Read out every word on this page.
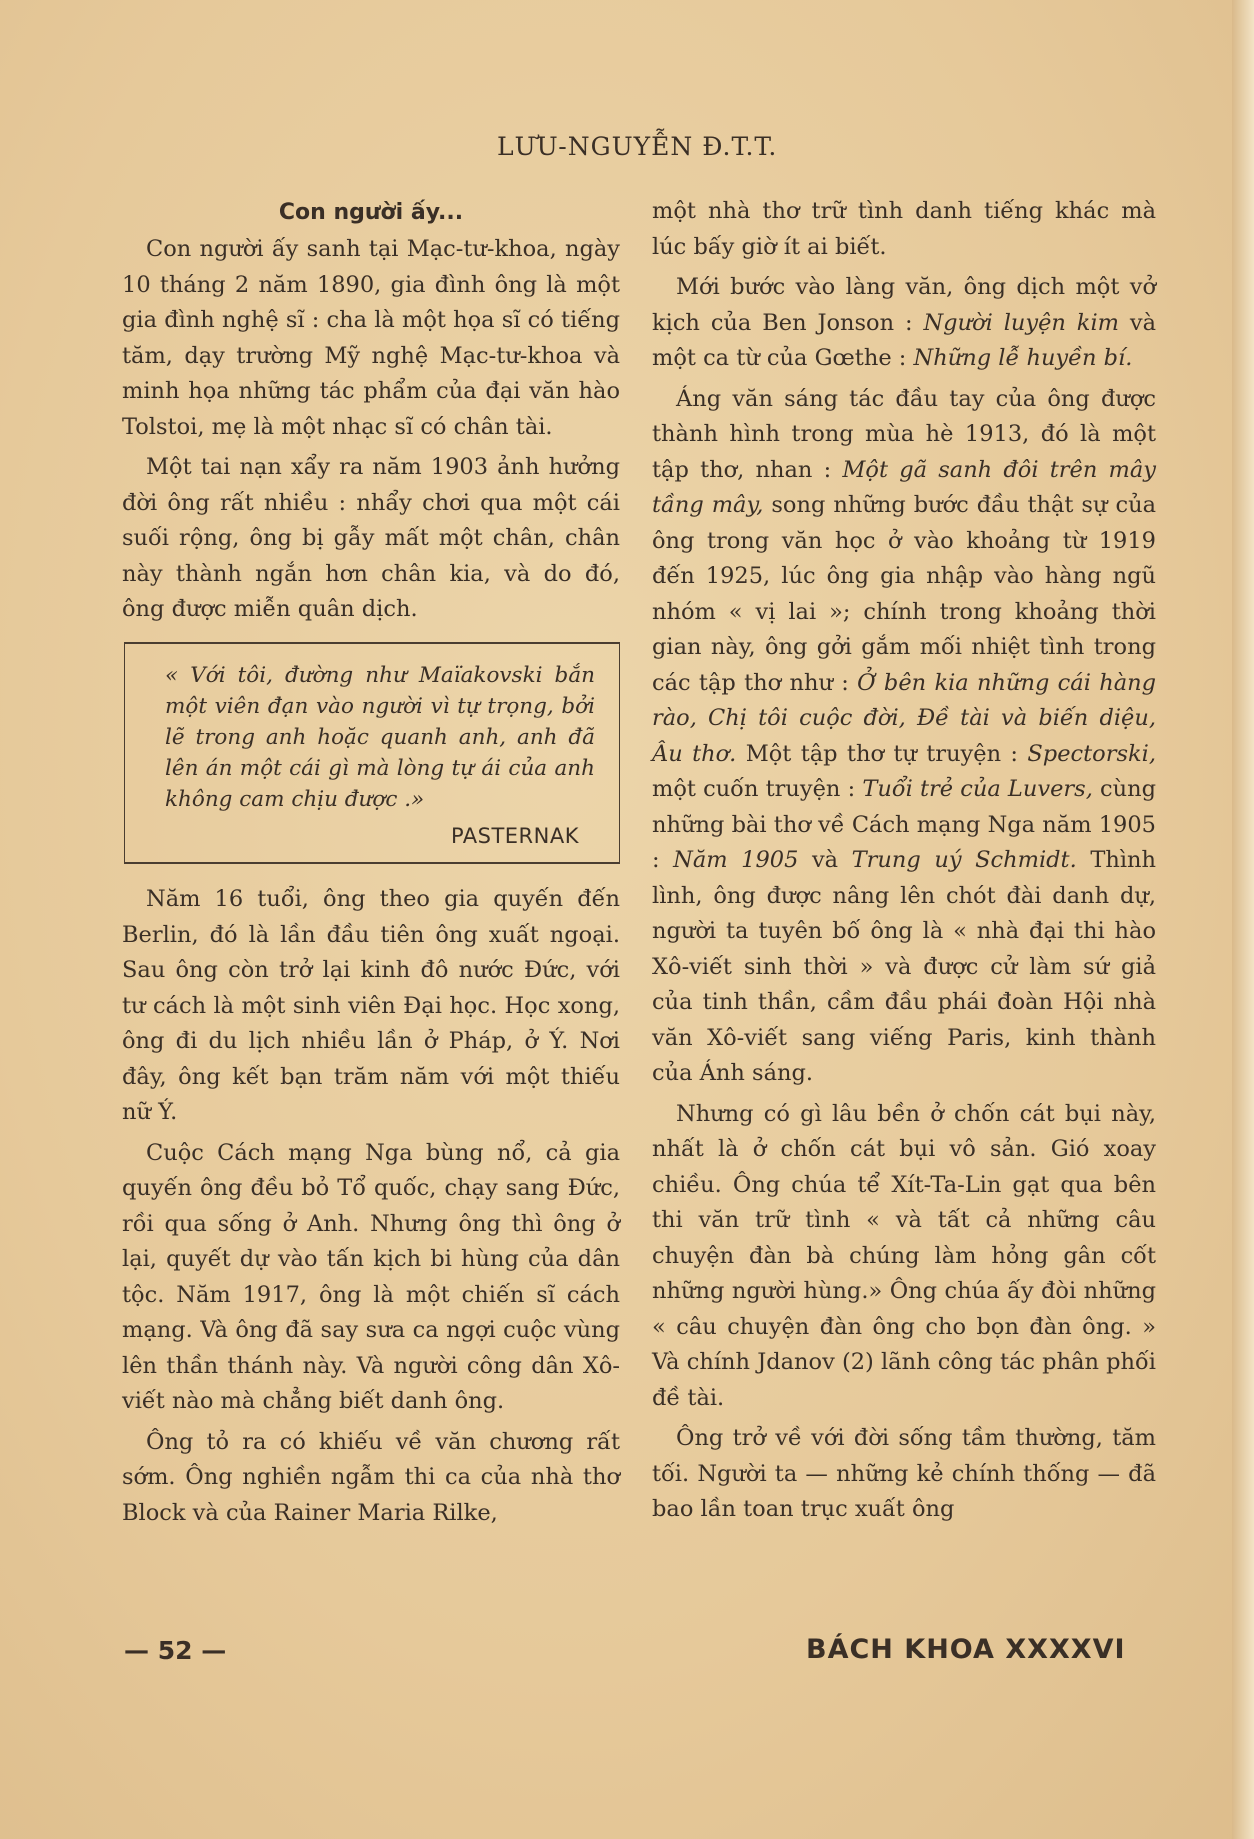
LƯU-NGUYỄN Đ.T.T.
Con người ấy...

Con người ấy sanh tại Mạc-tư-khoa, ngày 10 tháng 2 năm 1890, gia đình ông là một gia đình nghệ sĩ : cha là một họa sĩ có tiếng tăm, dạy trường Mỹ nghệ Mạc-tư-khoa và minh họa những tác phẩm của đại văn hào Tolstoi, mẹ là một nhạc sĩ có chân tài.

Một tai nạn xẩy ra năm 1903 ảnh hưởng đời ông rất nhiều : nhẩy chơi qua một cái suối rộng, ông bị gẫy mất một chân, chân này thành ngắn hơn chân kia, và do đó, ông được miễn quân dịch.

« Với tôi, đường như Maïakovski bắn một viên đạn vào người vì tự trọng, bởi lẽ trong anh hoặc quanh anh, anh đã lên án một cái gì mà lòng tự ái của anh không cam chịu được .»
PASTERNAK

Năm 16 tuổi, ông theo gia quyến đến Berlin, đó là lần đầu tiên ông xuất ngoại. Sau ông còn trở lại kinh đô nước Đức, với tư cách là một sinh viên Đại học. Học xong, ông đi du lịch nhiều lần ở Pháp, ở Ý. Nơi đây, ông kết bạn trăm năm với một thiếu nữ Ý.

Cuộc Cách mạng Nga bùng nổ, cả gia quyến ông đều bỏ Tổ quốc, chạy sang Đức, rồi qua sống ở Anh. Nhưng ông thì ông ở lại, quyết dự vào tấn kịch bi hùng của dân tộc. Năm 1917, ông là một chiến sĩ cách mạng. Và ông đã say sưa ca ngợi cuộc vùng lên thần thánh này. Và người công dân Xô-viết nào mà chẳng biết danh ông.

Ông tỏ ra có khiếu về văn chương rất sớm. Ông nghiền ngẫm thi ca của nhà thơ Block và của Rainer Maria Rilke,

một nhà thơ trữ tình danh tiếng khác mà lúc bấy giờ ít ai biết.

Mới bước vào làng văn, ông dịch một vở kịch của Ben Jonson : Người luyện kim và một ca từ của Gœthe : Những lễ huyền bí.

Áng văn sáng tác đầu tay của ông được thành hình trong mùa hè 1913, đó là một tập thơ, nhan : Một gã sanh đôi trên mây tầng mây, song những bước đầu thật sự của ông trong văn học ở vào khoảng từ 1919 đến 1925, lúc ông gia nhập vào hàng ngũ nhóm « vị lai »; chính trong khoảng thời gian này, ông gởi gắm mối nhiệt tình trong các tập thơ như : Ở bên kia những cái hàng rào, Chị tôi cuộc đời, Đề tài và biến diệu, Âu thơ. Một tập thơ tự truyện : Spectorski, một cuốn truyện : Tuổi trẻ của Luvers, cùng những bài thơ về Cách mạng Nga năm 1905 : Năm 1905 và Trung uý Schmidt. Thình lình, ông được nâng lên chót đài danh dự, người ta tuyên bố ông là « nhà đại thi hào Xô-viết sinh thời » và được cử làm sứ giả của tinh thần, cầm đầu phái đoàn Hội nhà văn Xô-viết sang viếng Paris, kinh thành của Ánh sáng.

Nhưng có gì lâu bền ở chốn cát bụi này, nhất là ở chốn cát bụi vô sản. Gió xoay chiều. Ông chúa tể Xít-Ta-Lin gạt qua bên thi văn trữ tình « và tất cả những câu chuyện đàn bà chúng làm hỏng gân cốt những người hùng.» Ông chúa ấy đòi những « câu chuyện đàn ông cho bọn đàn ông. » Và chính Jdanov (2) lãnh công tác phân phối đề tài.

Ông trở về với đời sống tầm thường, tăm tối. Người ta — những kẻ chính thống — đã bao lần toan trục xuất ông

— 52 —	BÁCH KHOA XXXXVI
